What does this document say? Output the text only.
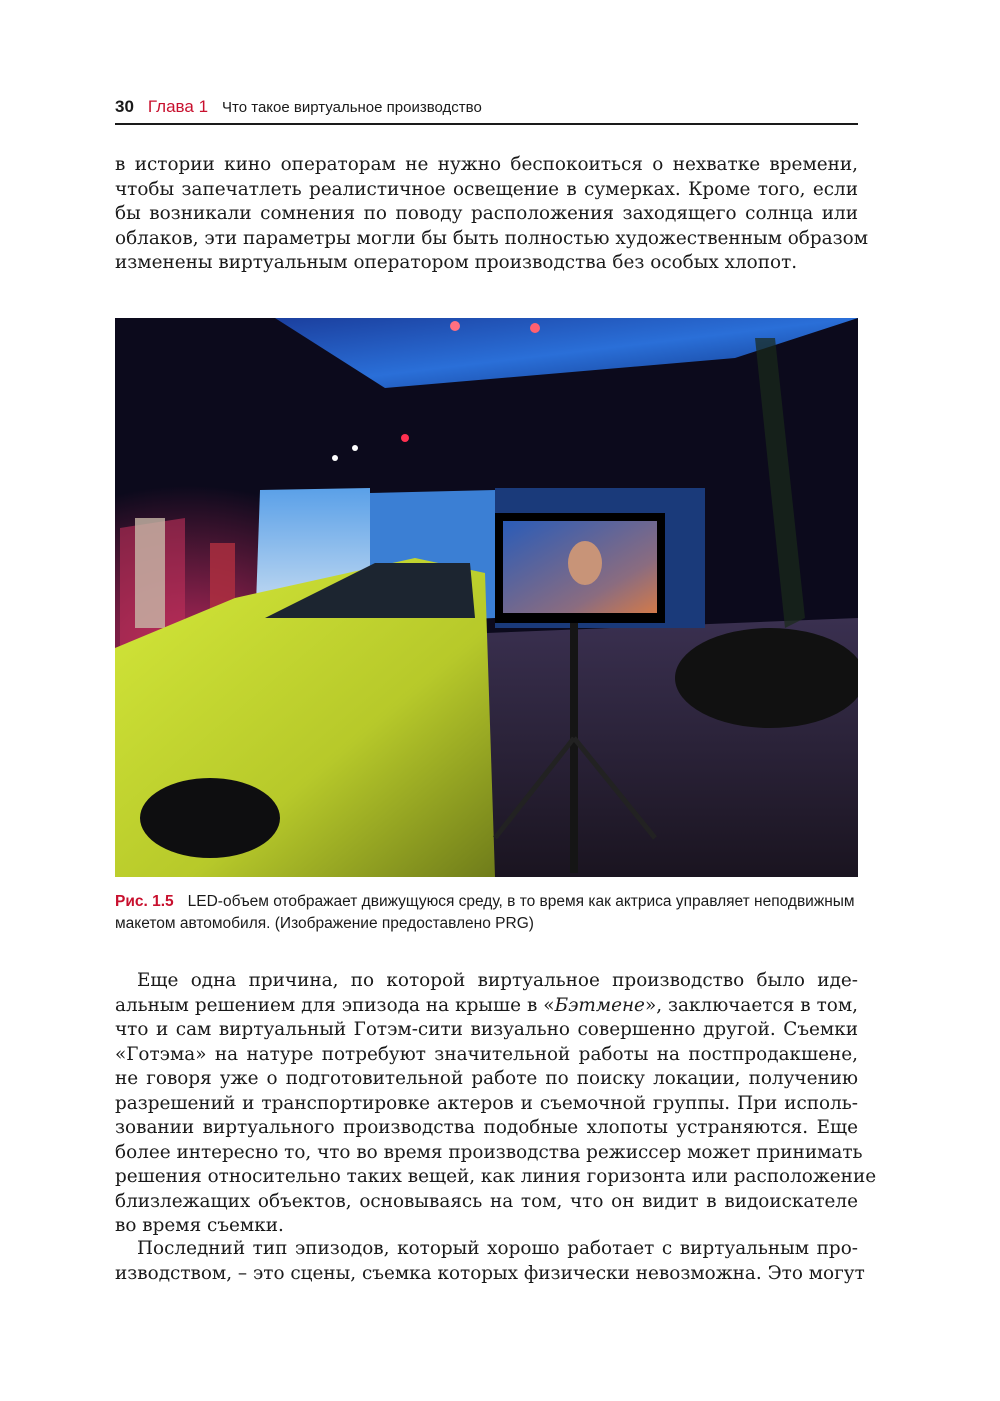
30 Глава 1 Что такое виртуальное производство
в истории кино операторам не нужно беспокоиться о нехватке времени,
чтобы запечатлеть реалистичное освещение в сумерках. Кроме того, если
бы возникали сомнения по поводу расположения заходящего солнца или
облаков, эти параметры могли бы быть полностью художественным образом
изменены виртуальным оператором производства без особых хлопот.
Рис. 1.5 LED-объем отображает движущуюся среду, в то время как актриса управляет неподвижным макетом автомобиля. (Изображение предоставлено PRG)
Еще одна причина, по которой виртуальное производство было иде-
альным решением для эпизода на крыше в «Бэтмене», заключается в том,
что и сам виртуальный Готэм-сити визуально совершенно другой. Съемки
«Готэма» на натуре потребуют значительной работы на постпродакшене,
не говоря уже о подготовительной работе по поиску локации, получению
разрешений и транспортировке актеров и съемочной группы. При исполь-
зовании виртуального производства подобные хлопоты устраняются. Еще
более интересно то, что во время производства режиссер может принимать
решения относительно таких вещей, как линия горизонта или расположение
близлежащих объектов, основываясь на том, что он видит в видоискателе
во время съемки.
Последний тип эпизодов, который хорошо работает с виртуальным про-
изводством, – это сцены, съемка которых физически невозможна. Это могут
